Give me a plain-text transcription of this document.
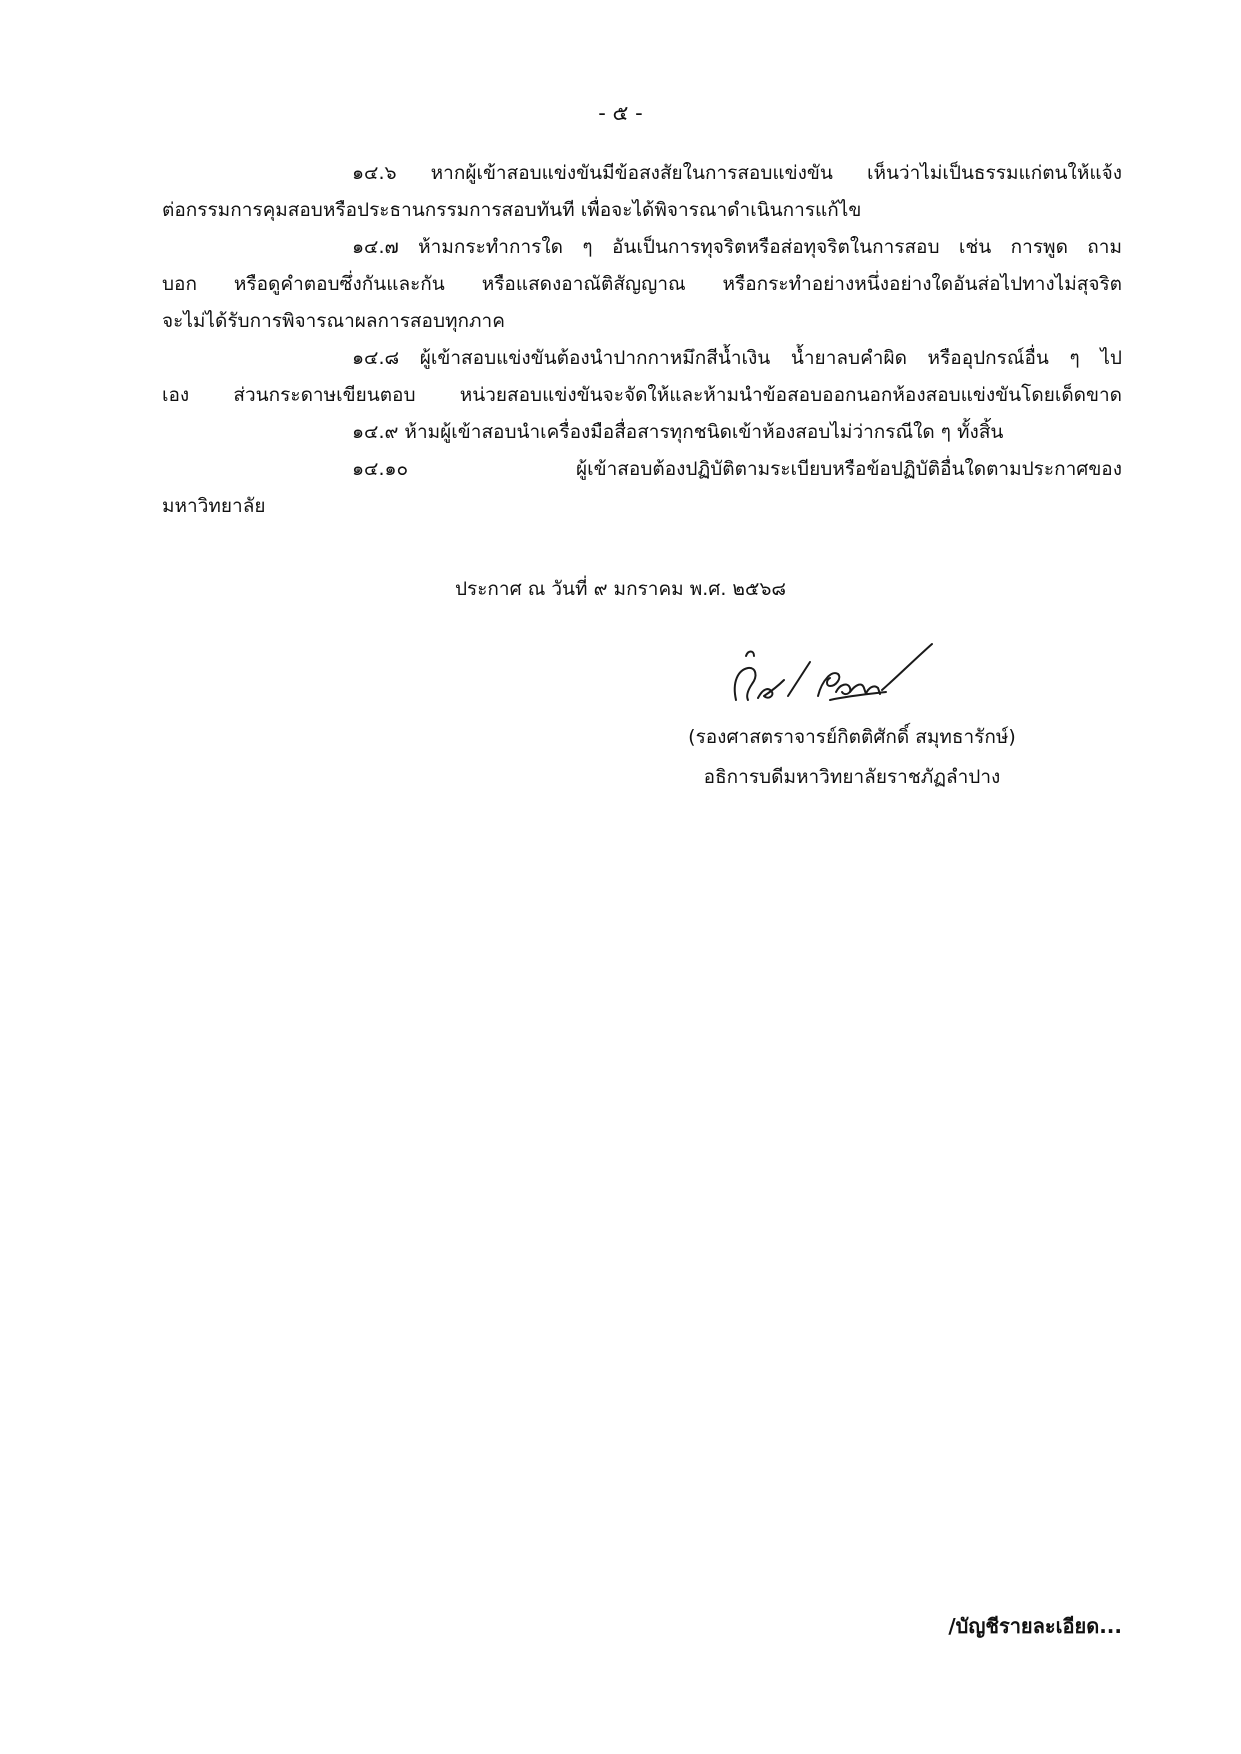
- ๕ -
๑๔.๖ หากผู้เข้าสอบแข่งขันมีข้อสงสัยในการสอบแข่งขัน เห็นว่าไม่เป็นธรรมแก่ตนให้แจ้ง
ต่อกรรมการคุมสอบหรือประธานกรรมการสอบทันที เพื่อจะได้พิจารณาดำเนินการแก้ไข
๑๔.๗ ห้ามกระทำการใด ๆ อันเป็นการทุจริตหรือส่อทุจริตในการสอบ เช่น การพูด ถาม
บอก หรือดูคำตอบซึ่งกันและกัน หรือแสดงอาณัติสัญญาณ หรือกระทำอย่างหนึ่งอย่างใดอันส่อไปทางไม่สุจริต
จะไม่ได้รับการพิจารณาผลการสอบทุกภาค
๑๔.๘ ผู้เข้าสอบแข่งขันต้องนำปากกาหมึกสีน้ำเงิน น้ำยาลบคำผิด หรืออุปกรณ์อื่น ๆ ไป
เอง ส่วนกระดาษเขียนตอบ หน่วยสอบแข่งขันจะจัดให้และห้ามนำข้อสอบออกนอกห้องสอบแข่งขันโดยเด็ดขาด
๑๔.๙ ห้ามผู้เข้าสอบนำเครื่องมือสื่อสารทุกชนิดเข้าห้องสอบไม่ว่ากรณีใด ๆ ทั้งสิ้น
๑๔.๑๐ ผู้เข้าสอบต้องปฏิบัติตามระเบียบหรือข้อปฏิบัติอื่นใดตามประกาศของ
มหาวิทยาลัย
ประกาศ ณ วันที่ ๙ มกราคม พ.ศ. ๒๕๖๘
(รองศาสตราจารย์กิตติศักดิ์ สมุทธารักษ์)
อธิการบดีมหาวิทยาลัยราชภัฏลำปาง
/บัญชีรายละเอียด...
